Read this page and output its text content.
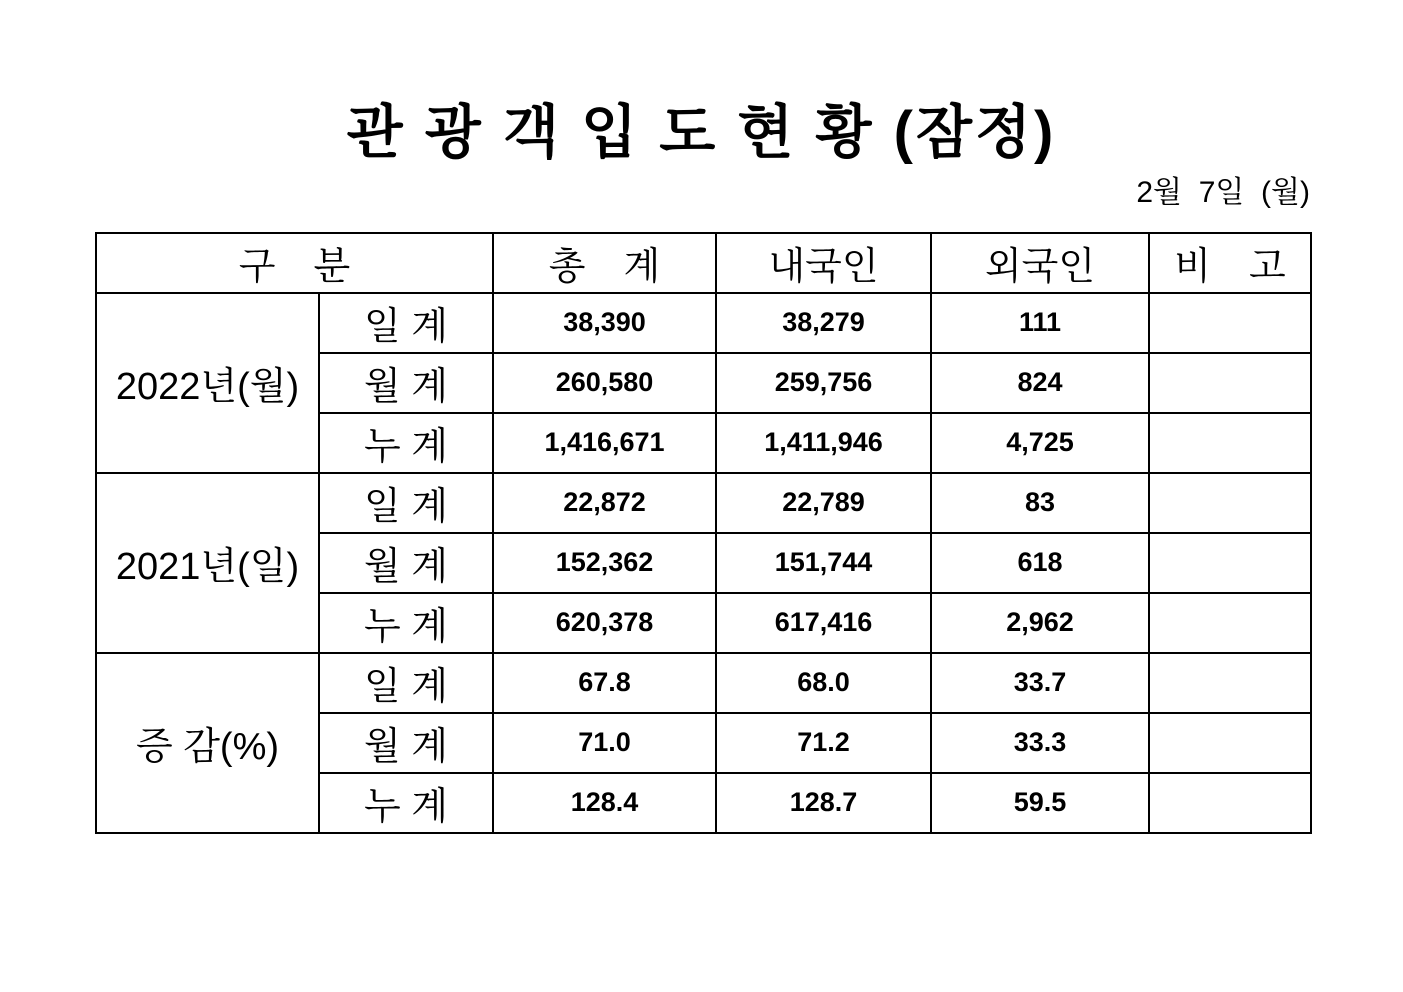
관 광 객 입 도 현 황 (잠정)
2월  7일  (월)
구　분		총　계	내국인	외국인	비　고
2022년(월)	일 계	38,390	38,279	111	
	월 계	260,580	259,756	824	
	누 계	1,416,671	1,411,946	4,725	
2021년(일)	일 계	22,872	22,789	83	
	월 계	152,362	151,744	618	
	누 계	620,378	617,416	2,962	
증 감(%)	일 계	67.8	68.0	33.7	
	월 계	71.0	71.2	33.3	
	누 계	128.4	128.7	59.5	
